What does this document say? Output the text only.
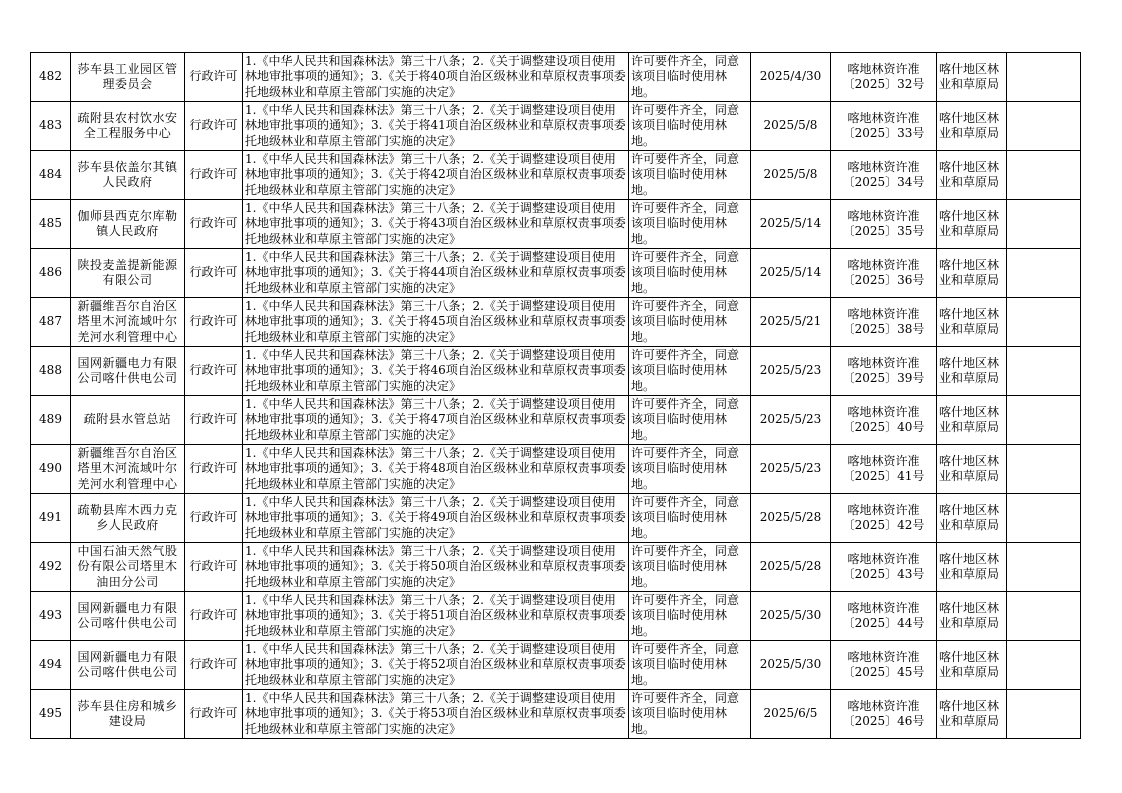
482	莎车县工业园区管理委员会	行政许可	1.《中华人民共和国森林法》第三十八条；2.《关于调整建设项目使用林地审批事项的通知》；3.《关于将40项自治区级林业和草原权责事项委托地级林业和草原主管部门实施的决定》	许可要件齐全，同意该项目临时使用林地。	2025/4/30	喀地林资许准〔2025〕32号	喀什地区林业和草原局	
483	疏附县农村饮水安全工程服务中心	行政许可	1.《中华人民共和国森林法》第三十八条；2.《关于调整建设项目使用林地审批事项的通知》；3.《关于将41项自治区级林业和草原权责事项委托地级林业和草原主管部门实施的决定》	许可要件齐全，同意该项目临时使用林地。	2025/5/8	喀地林资许准〔2025〕33号	喀什地区林业和草原局	
484	莎车县依盖尔其镇人民政府	行政许可	1.《中华人民共和国森林法》第三十八条；2.《关于调整建设项目使用林地审批事项的通知》；3.《关于将42项自治区级林业和草原权责事项委托地级林业和草原主管部门实施的决定》	许可要件齐全，同意该项目临时使用林地。	2025/5/8	喀地林资许准〔2025〕34号	喀什地区林业和草原局	
485	伽师县西克尔库勒镇人民政府	行政许可	1.《中华人民共和国森林法》第三十八条；2.《关于调整建设项目使用林地审批事项的通知》；3.《关于将43项自治区级林业和草原权责事项委托地级林业和草原主管部门实施的决定》	许可要件齐全，同意该项目临时使用林地。	2025/5/14	喀地林资许准〔2025〕35号	喀什地区林业和草原局	
486	陕投麦盖提新能源有限公司	行政许可	1.《中华人民共和国森林法》第三十八条；2.《关于调整建设项目使用林地审批事项的通知》；3.《关于将44项自治区级林业和草原权责事项委托地级林业和草原主管部门实施的决定》	许可要件齐全，同意该项目临时使用林地。	2025/5/14	喀地林资许准〔2025〕36号	喀什地区林业和草原局	
487	新疆维吾尔自治区塔里木河流域叶尔羌河水利管理中心	行政许可	1.《中华人民共和国森林法》第三十八条；2.《关于调整建设项目使用林地审批事项的通知》；3.《关于将45项自治区级林业和草原权责事项委托地级林业和草原主管部门实施的决定》	许可要件齐全，同意该项目临时使用林地。	2025/5/21	喀地林资许准〔2025〕38号	喀什地区林业和草原局	
488	国网新疆电力有限公司喀什供电公司	行政许可	1.《中华人民共和国森林法》第三十八条；2.《关于调整建设项目使用林地审批事项的通知》；3.《关于将46项自治区级林业和草原权责事项委托地级林业和草原主管部门实施的决定》	许可要件齐全，同意该项目临时使用林地。	2025/5/23	喀地林资许准〔2025〕39号	喀什地区林业和草原局	
489	疏附县水管总站	行政许可	1.《中华人民共和国森林法》第三十八条；2.《关于调整建设项目使用林地审批事项的通知》；3.《关于将47项自治区级林业和草原权责事项委托地级林业和草原主管部门实施的决定》	许可要件齐全，同意该项目临时使用林地。	2025/5/23	喀地林资许准〔2025〕40号	喀什地区林业和草原局	
490	新疆维吾尔自治区塔里木河流域叶尔羌河水利管理中心	行政许可	1.《中华人民共和国森林法》第三十八条；2.《关于调整建设项目使用林地审批事项的通知》；3.《关于将48项自治区级林业和草原权责事项委托地级林业和草原主管部门实施的决定》	许可要件齐全，同意该项目临时使用林地。	2025/5/23	喀地林资许准〔2025〕41号	喀什地区林业和草原局	
491	疏勒县库木西力克乡人民政府	行政许可	1.《中华人民共和国森林法》第三十八条；2.《关于调整建设项目使用林地审批事项的通知》；3.《关于将49项自治区级林业和草原权责事项委托地级林业和草原主管部门实施的决定》	许可要件齐全，同意该项目临时使用林地。	2025/5/28	喀地林资许准〔2025〕42号	喀什地区林业和草原局	
492	中国石油天然气股份有限公司塔里木油田分公司	行政许可	1.《中华人民共和国森林法》第三十八条；2.《关于调整建设项目使用林地审批事项的通知》；3.《关于将50项自治区级林业和草原权责事项委托地级林业和草原主管部门实施的决定》	许可要件齐全，同意该项目临时使用林地。	2025/5/28	喀地林资许准〔2025〕43号	喀什地区林业和草原局	
493	国网新疆电力有限公司喀什供电公司	行政许可	1.《中华人民共和国森林法》第三十八条；2.《关于调整建设项目使用林地审批事项的通知》；3.《关于将51项自治区级林业和草原权责事项委托地级林业和草原主管部门实施的决定》	许可要件齐全，同意该项目临时使用林地。	2025/5/30	喀地林资许准〔2025〕44号	喀什地区林业和草原局	
494	国网新疆电力有限公司喀什供电公司	行政许可	1.《中华人民共和国森林法》第三十八条；2.《关于调整建设项目使用林地审批事项的通知》；3.《关于将52项自治区级林业和草原权责事项委托地级林业和草原主管部门实施的决定》	许可要件齐全，同意该项目临时使用林地。	2025/5/30	喀地林资许准〔2025〕45号	喀什地区林业和草原局	
495	莎车县住房和城乡建设局	行政许可	1.《中华人民共和国森林法》第三十八条；2.《关于调整建设项目使用林地审批事项的通知》；3.《关于将53项自治区级林业和草原权责事项委托地级林业和草原主管部门实施的决定》	许可要件齐全，同意该项目临时使用林地。	2025/6/5	喀地林资许准〔2025〕46号	喀什地区林业和草原局	
